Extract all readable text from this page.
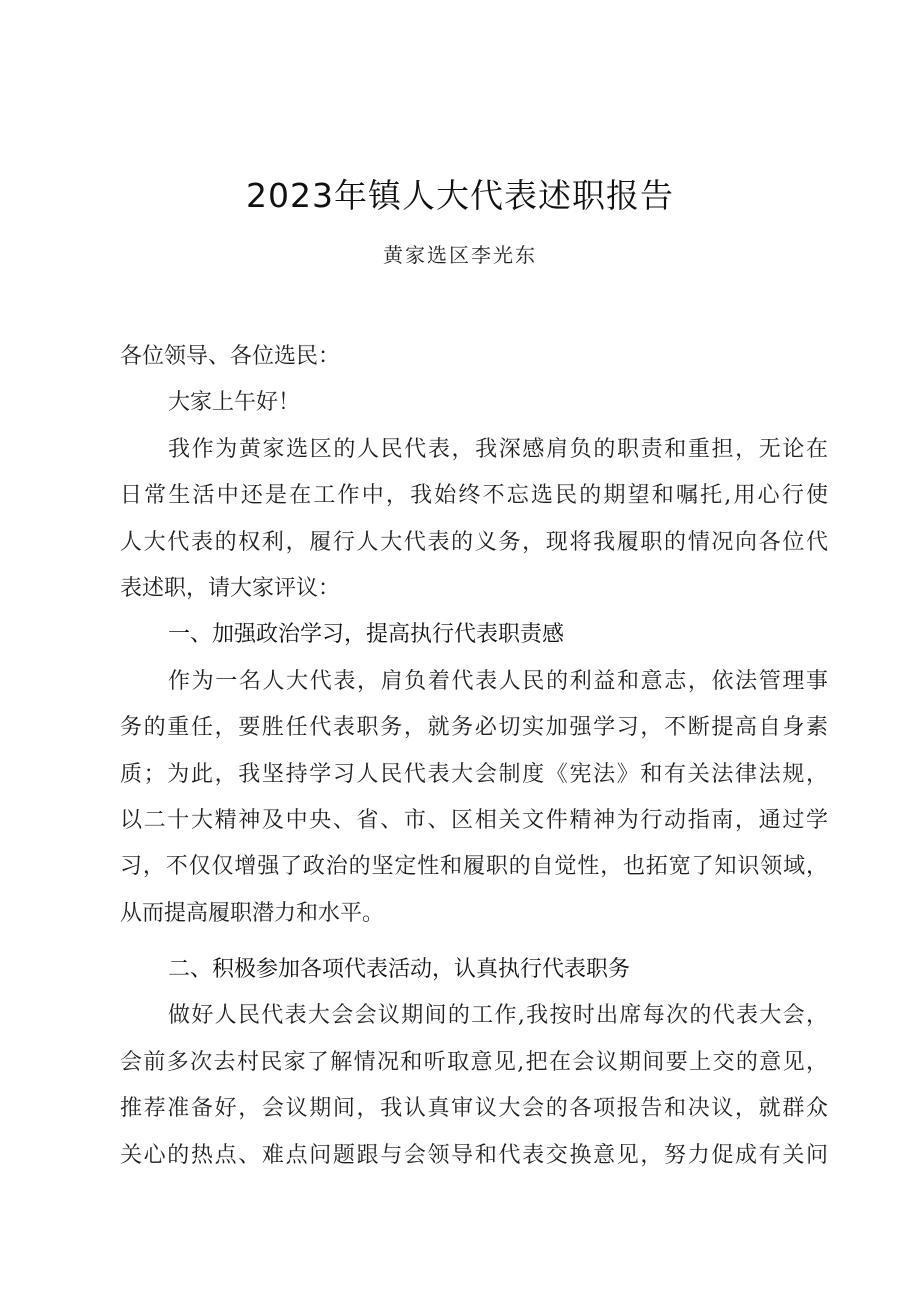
2023年镇人大代表述职报告
黄家选区李光东
各位领导、各位选民：
大家上午好！
我作为黄家选区的人民代表，我深感肩负的职责和重担，无论在
日常生活中还是在工作中，我始终不忘选民的期望和嘱托,用心行使
人大代表的权利，履行人大代表的义务，现将我履职的情况向各位代
表述职，请大家评议：
一、加强政治学习，提高执行代表职责感
作为一名人大代表，肩负着代表人民的利益和意志，依法管理事
务的重任，要胜任代表职务，就务必切实加强学习，不断提高自身素
质；为此，我坚持学习人民代表大会制度《宪法》和有关法律法规，
以二十大精神及中央、省、市、区相关文件精神为行动指南，通过学
习，不仅仅增强了政治的坚定性和履职的自觉性，也拓宽了知识领域，
从而提高履职潜力和水平。
二、积极参加各项代表活动，认真执行代表职务
做好人民代表大会会议期间的工作,我按时出席每次的代表大会，
会前多次去村民家了解情况和听取意见,把在会议期间要上交的意见，
推荐准备好，会议期间，我认真审议大会的各项报告和决议，就群众
关心的热点、难点问题跟与会领导和代表交换意见，努力促成有关问
